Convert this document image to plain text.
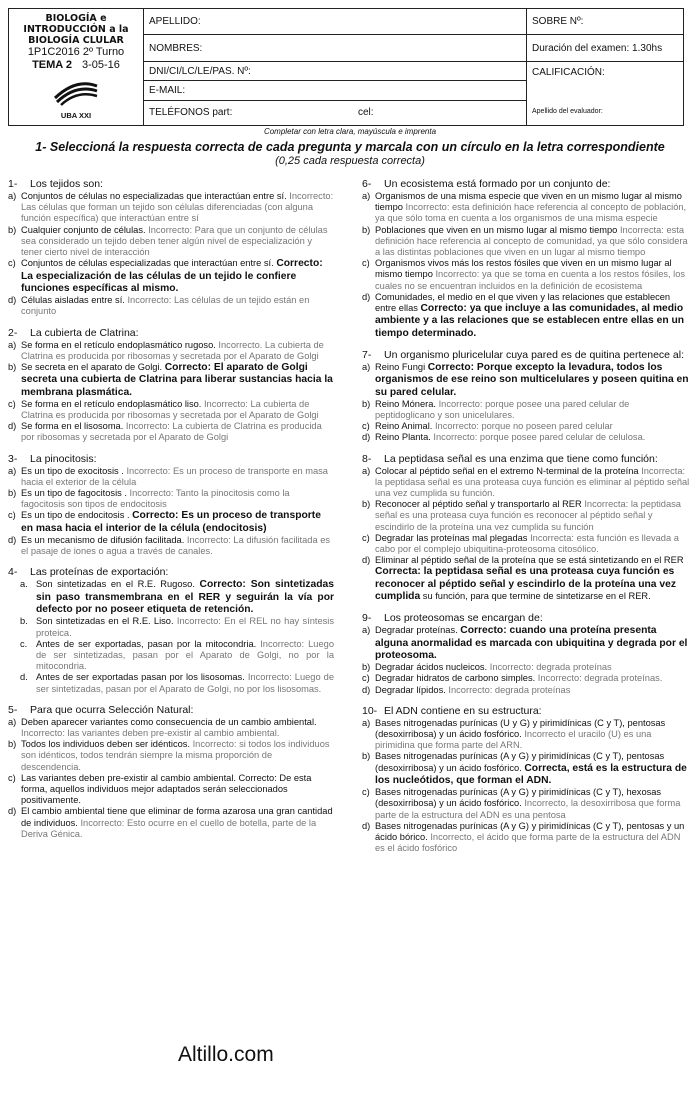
BIOLOGÍA e
INTRODUCCIÓN a la
BIOLOGÍA CLULAR
1P1C2016 2º Turno
TEMA 2 3-05-16
UBA XXI
APELLIDO:
NOMBRES:
DNI/CI/LC/LE/PAS. Nº:
E-MAIL:
TELÉFONOS part:	cel:
SOBRE Nº:
Duración del examen: 1.30hs
CALIFICACIÓN:
Apellido del evaluador:
Completar con letra clara, mayúscula e imprenta
1- Seleccioná la respuesta correcta de cada pregunta y marcala con un círculo en la letra correspondiente
(0,25 cada respuesta correcta)
1-	Los tejidos son:
a) Conjuntos de células no especializadas que interactúan entre sí. Incorrecto: Las células que forman un tejido son células diferenciadas (con alguna función específica) que interactúan entre sí
b) Cualquier conjunto de células. Incorrecto: Para que un conjunto de células sea considerado un tejido deben tener algún nivel de especialización y tener cierto nivel de interacción
c) Conjuntos de células especializadas que interactúan entre sí. Correcto: La especialización de las células de un tejido le confiere funciones específicas al mismo.
d) Células aisladas entre sí. Incorrecto: Las células de un tejido están en conjunto
2-	La cubierta de Clatrina:
a) Se forma en el retículo endoplasmático rugoso. Incorrecto. La cubierta de Clatrina es producida por ribosomas y secretada por el Aparato de Golgi
b) Se secreta en el aparato de Golgi. Correcto: El aparato de Golgi secreta una cubierta de Clatrina para liberar sustancias hacia la membrana plasmática.
c) Se forma en el retículo endoplasmático liso. Incorrecto: La cubierta de Clatrina es producida por ribosomas y secretada por el Aparato de Golgi
d) Se forma en el lisosoma. Incorrecto: La cubierta de Clatrina es producida por ribosomas y secretada por el Aparato de Golgi
3-	La pinocitosis:
a) Es un tipo de exocitosis . Incorrecto: Es un proceso de transporte en masa hacia el exterior de la célula
b) Es un tipo de fagocitosis . Incorrecto: Tanto la pinocitosis como la fagocitosis son tipos de endocitosis
c) Es un tipo de endocitosis . Correcto: Es un proceso de transporte en masa hacia el interior de la célula (endocitosis)
d) Es un mecanismo de difusión facilitada. Incorrecto: La difusión facilitada es el pasaje de iones o agua a través de canales.
4-	Las proteínas de exportación:
a. Son sintetizadas en el R.E. Rugoso. Correcto: Son sintetizadas sin paso transmembrana en el RER y seguirán la vía por defecto por no poseer etiqueta de retención.
b. Son sintetizadas en el R.E. Liso. Incorrecto: En el REL no hay síntesis proteica.
c. Antes de ser exportadas, pasan por la mitocondria. Incorrecto: Luego de ser sintetizadas, pasan por el Aparato de Golgi, no por la mitocondria.
d. Antes de ser exportadas pasan por los lisosomas. Incorrecto: Luego de ser sintetizadas, pasan por el Aparato de Golgi, no por los lisosomas.
5-	Para que ocurra Selección Natural:
a) Deben aparecer variantes como consecuencia de un cambio ambiental. Incorrecto: las variantes deben pre-existir al cambio ambiental.
b) Todos los individuos deben ser idénticos. Incorrecto: si todos los individuos son idénticos, todos tendrán siempre la misma proporción de descendencia.
c) Las variantes deben pre-existir al cambio ambiental. Correcto: De esta forma, aquellos individuos mejor adaptados serán seleccionados positivamente.
d) El cambio ambiental tiene que eliminar de forma azarosa una gran cantidad de individuos. Incorrecto: Esto ocurre en el cuello de botella, parte de la Deriva Génica.
6-	Un ecosistema está formado por un conjunto de:
a) Organismos de una misma especie que viven en un mismo lugar al mismo tiempo Incorrecto: esta definición hace referencia al concepto de población, ya que sólo toma en cuenta a los organismos de una misma especie
b) Poblaciones que viven en un mismo lugar al mismo tiempo Incorrecta: esta definición hace referencia al concepto de comunidad, ya que sólo considera a las distintas poblaciones que viven en un lugar al mismo tiempo
c) Organismos vivos más los restos fósiles que viven en un mismo lugar al mismo tiempo Incorrecto: ya que se toma en cuenta a los restos fósiles, los cuales no se encuentran incluidos en la definición de ecosistema
d) Comunidades, el medio en el que viven y las relaciones que establecen entre ellas Correcto: ya que incluye a las comunidades, al medio ambiente y a las relaciones que se establecen entre ellas en un tiempo determinado.
7-	Un organismo pluricelular cuya pared es de quitina pertenece al:
a) Reino Fungi Correcto: Porque excepto la levadura, todos los organismos de ese reino son multicelulares y poseen quitina en su pared celular.
b) Reino Mónera. Incorrecto: porque posee una pared celular de peptidoglicano y son unicelulares.
c) Reino Animal. Incorrecto: porque no poseen pared celular
d) Reino Planta. Incorrecto: porque posee pared celular de celulosa.
8-	La peptidasa señal es una enzima que tiene como función:
a) Colocar al péptido señal en el extremo N-terminal de la proteína Incorrecta: la peptidasa señal es una proteasa cuya función es eliminar al péptido señal una vez cumplida su función.
b) Reconocer al péptido señal y transportarlo al RER Incorrecta: la peptidasa señal es una proteasa cuya función es reconocer al péptido señal y escindirlo de la proteína una vez cumplida su función
c) Degradar las proteínas mal plegadas Incorrecta: esta función es llevada a cabo por el complejo ubiquitina-proteosoma citosólico.
d) Eliminar al péptido señal de la proteína que se está sintetizando en el RER Correcta: la peptidasa señal es una proteasa cuya función es reconocer al péptido señal y escindirlo de la proteína una vez cumplida su función, para que termine de sintetizarse en el RER.
9-	Los proteosomas se encargan de:
a) Degradar proteínas. Correcto: cuando una proteína presenta alguna anormalidad es marcada con ubiquitina y degrada por el proteosoma.
b) Degradar ácidos nucleicos. Incorrecto: degrada proteínas
c) Degradar hidratos de carbono simples. Incorrecto: degrada proteínas.
d) Degradar lípidos. Incorrecto: degrada proteínas
10- El ADN contiene en su estructura:
a) Bases nitrogenadas purínicas (U y G) y pirimidínicas (C y T), pentosas (desoxirribosa) y un ácido fosfórico. Incorrecto el uracilo (U) es una pirimidina que forma parte del ARN.
b) Bases nitrogenadas purínicas (A y G) y pirimidínicas (C y T), pentosas (desoxirribosa) y un ácido fosfórico. Correcta, está es la estructura de los nucleótidos, que forman el ADN.
c) Bases nitrogenadas purínicas (A y G) y pirimidínicas (C y T), hexosas (desoxirribosa) y un ácido fosfórico. Incorrecto, la desoxirribosa que forma parte de la estructura del ADN es una pentosa
d) Bases nitrogenadas purínicas (A y G) y pirimidínicas (C y T), pentosas y un ácido bórico. Incorrecto, el ácido que forma parte de la estructura del ADN es el ácido fosfórico
Altillo.com
